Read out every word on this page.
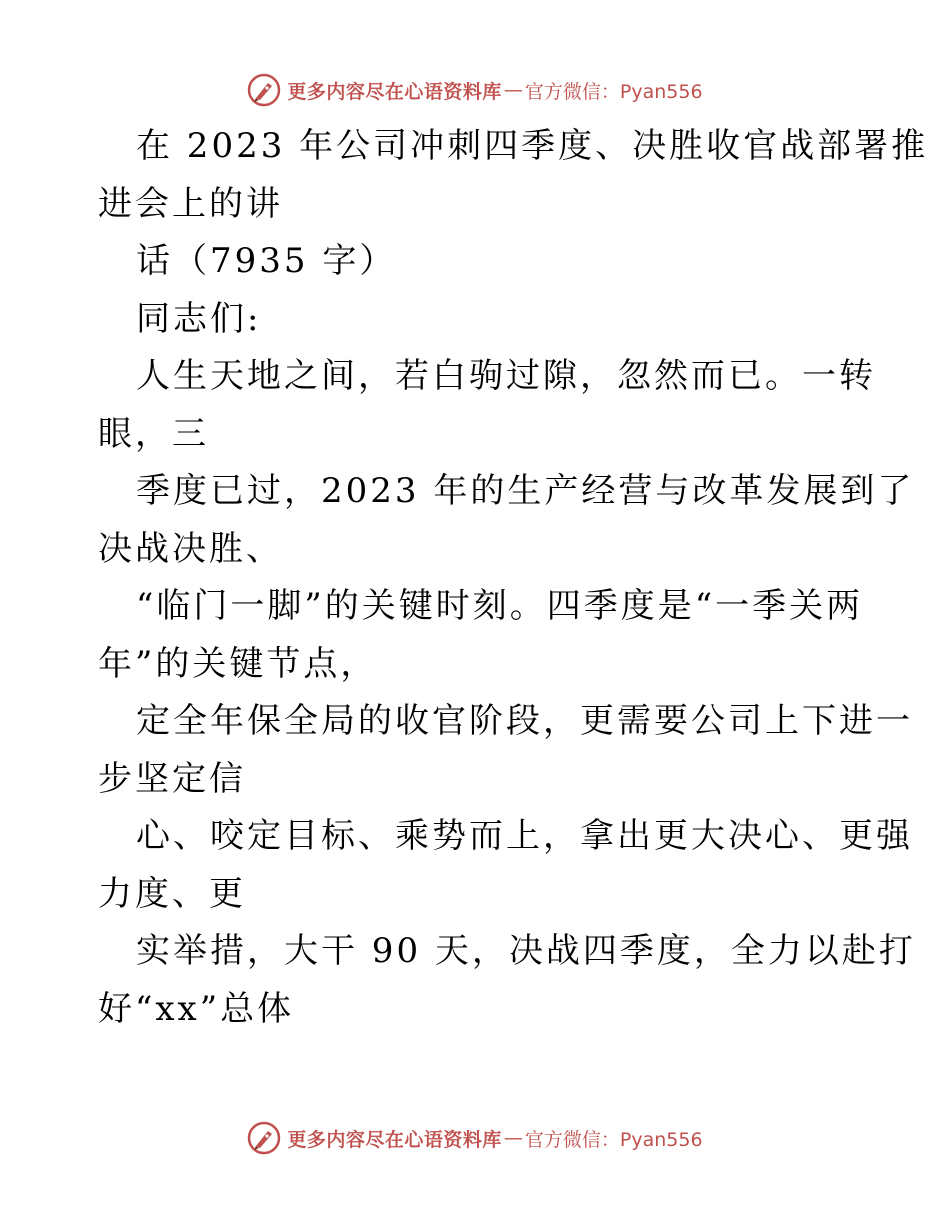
更多内容尽在心语资料库 — 官方微信：Pyan556
在 2023 年公司冲刺四季度、决胜收官战部署推
进会上的讲
话（7935 字）
同志们:
人生天地之间，若白驹过隙，忽然而已。一转
眼，三
季度已过，2023 年的生产经营与改革发展到了
决战决胜、
“临门一脚”的关键时刻。四季度是“一季关两
年”的关键节点，
定全年保全局的收官阶段，更需要公司上下进一
步坚定信
心、咬定目标、乘势而上，拿出更大决心、更强
力度、更
实举措，大干 90 天，决战四季度，全力以赴打
好“xx”总体
更多内容尽在心语资料库 — 官方微信：Pyan556
